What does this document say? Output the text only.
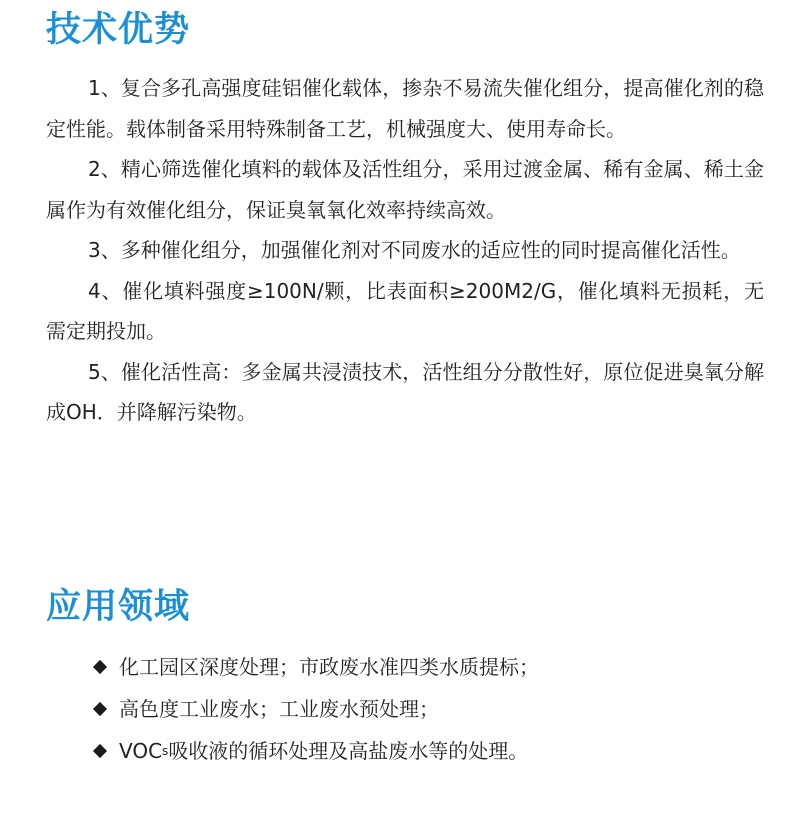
技术优势

1、复合多孔高强度硅铝催化载体，掺杂不易流失催化组分，提高催化剂的稳定性能。载体制备采用特殊制备工艺，机械强度大、使用寿命长。

2、精心筛选催化填料的载体及活性组分，采用过渡金属、稀有金属、稀土金属作为有效催化组分，保证臭氧氧化效率持续高效。

3、多种催化组分，加强催化剂对不同废水的适应性的同时提高催化活性。

4、催化填料强度≥100N/颗，比表面积≥200M2/G，催化填料无损耗，无需定期投加。

5、催化活性高：多金属共浸渍技术，活性组分分散性好，原位促进臭氧分解成OH．并降解污染物。

应用领域
化工园区深度处理；市政废水准四类水质提标；
高色度工业废水；工业废水预处理；
VOC s 吸收液的循环处理及高盐废水等的处理。
